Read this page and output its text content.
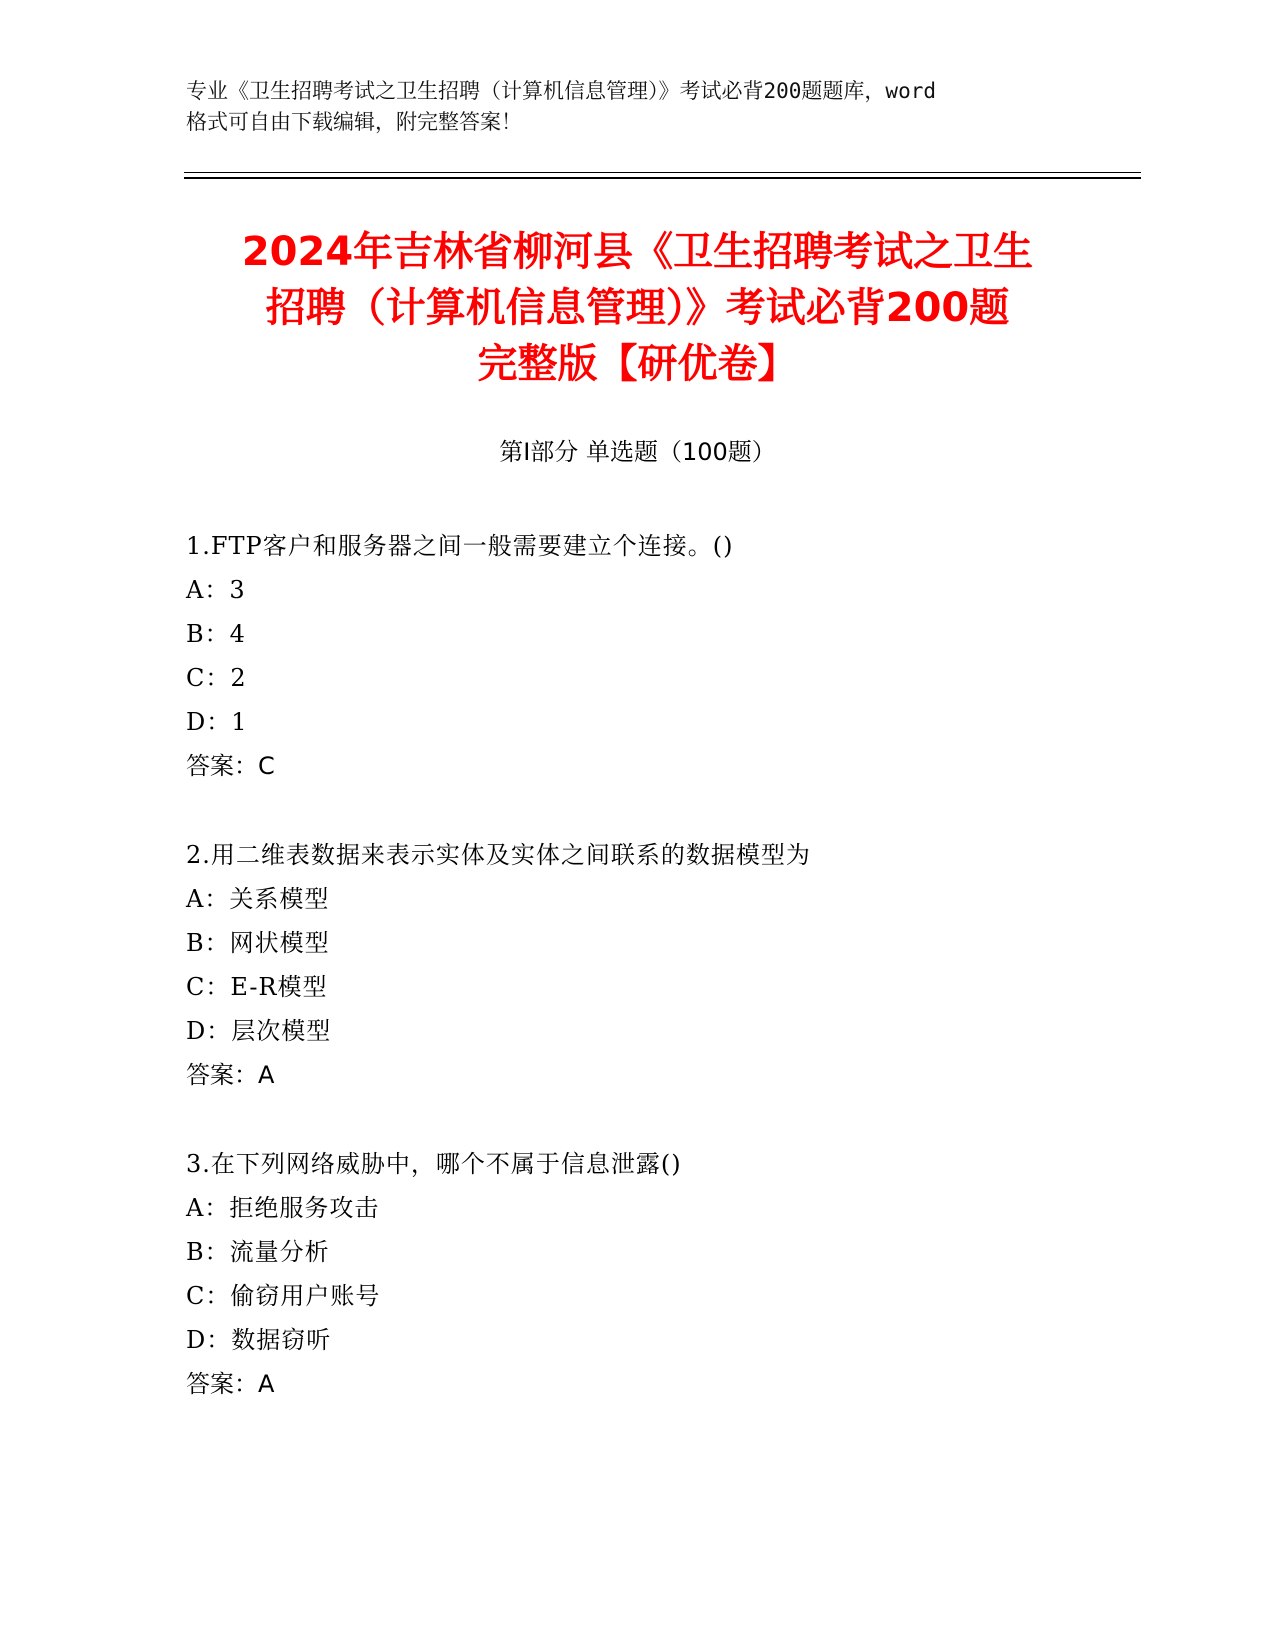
专业《卫生招聘考试之卫生招聘（计算机信息管理）》考试必背200题题库，word
格式可自由下载编辑，附完整答案！
2024年吉林省柳河县《卫生招聘考试之卫生
招聘（计算机信息管理）》考试必背200题
完整版【研优卷】
第Ⅰ部分 单选题（100题）
1.FTP客户和服务器之间一般需要建立个连接。()
A：3
B：4
C：2
D：1
答案：C
2.用二维表数据来表示实体及实体之间联系的数据模型为
A：关系模型
B：网状模型
C：E-R模型
D：层次模型
答案：A
3.在下列网络威胁中，哪个不属于信息泄露()
A：拒绝服务攻击
B：流量分析
C：偷窃用户账号
D：数据窃听
答案：A
